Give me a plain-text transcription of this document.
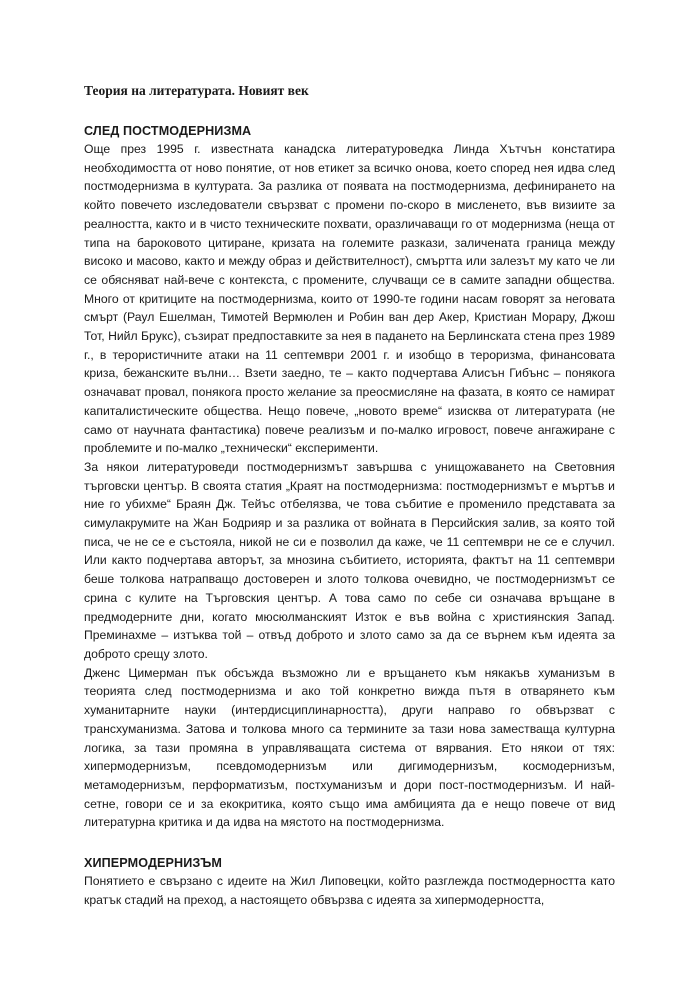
Теория на литературата. Новият век
СЛЕД ПОСТМОДЕРНИЗМА

Още през 1995 г. известната канадска литературоведка Линда Хътчън констатира необходимостта от ново понятие, от нов етикет за всичко онова, което според нея идва след постмодернизма в културата. За разлика от появата на постмодернизма, дефинирането на който повечето изследователи свързват с промени по-скоро в мисленето, във визиите за реалността, както и в чисто техническите похвати, оразличаващи го от модернизма (неща от типа на бароковото цитиране, кризата на големите разкази, заличената граница между високо и масово, както и между образ и действителност), смъртта или залезът му като че ли се обясняват най-вече с контекста, с промените, случващи се в самите западни общества. Много от критиците на постмодернизма, които от 1990-те години насам говорят за неговата смърт (Раул Ешелман, Тимотей Вермюлен и Робин ван дер Акер, Кристиан Морару, Джош Тот, Нийл Брукс), съзират предпоставките за нея в падането на Берлинската стена през 1989 г., в терористичните атаки на 11 септември 2001 г. и изобщо в тероризма, финансовата криза, бежанските вълни… Взети заедно, те – както подчертава Алисън Гибънс – понякога означават провал, понякога просто желание за преосмисляне на фазата, в която се намират капиталистическите общества. Нещо повече, „новото време“ изисква от литературата (не само от научната фантастика) повече реализъм и по-малко игровост, повече ангажиране с проблемите и по-малко „технически“ експерименти.

За някои литературоведи постмодернизмът завършва с унищожаването на Световния търговски център. В своята статия „Краят на постмодернизма: постмодернизмът е мъртъв и ние го убихме“ Браян Дж. Тейъс отбелязва, че това събитие е променило представата за симулакрумите на Жан Бодрияр и за разлика от войната в Персийския залив, за която той писа, че не се е състояла, никой не си е позволил да каже, че 11 септември не се е случил. Или както подчертава авторът, за мнозина събитието, историята, фактът на 11 септември беше толкова натрапващо достоверен и злото толкова очевидно, че постмодернизмът се срина с кулите на Търговския център. А това само по себе си означава връщане в предмодерните дни, когато мюсюлманският Изток е във война с християнския Запад. Преминахме – изтъква той – отвъд доброто и злото само за да се върнем към идеята за доброто срещу злото.

Дженс Цимерман пък обсъжда възможно ли е връщането към някакъв хуманизъм в теорията след постмодернизма и ако той конкретно вижда пътя в отварянето към хуманитарните науки (интердисциплинарността), други направо го обвързват с трансхуманизма. Затова и толкова много са термините за тази нова заместваща културна логика, за тази промяна в управляващата система от вярвания. Ето някои от тях: хипермодернизъм, псевдомодернизъм или дигимодернизъм, космодернизъм, метамодернизъм, перформатизъм, постхуманизъм и дори пост-постмодернизъм. И най-сетне, говори се и за екокритика, която също има амбицията да е нещо повече от вид литературна критика и да идва на мястото на постмодернизма.

ХИПЕРМОДЕРНИЗЪМ

Понятието е свързано с идеите на Жил Липовецки, който разглежда постмодерността като кратък стадий на преход, а настоящето обвързва с идеята за хипермодерността,
